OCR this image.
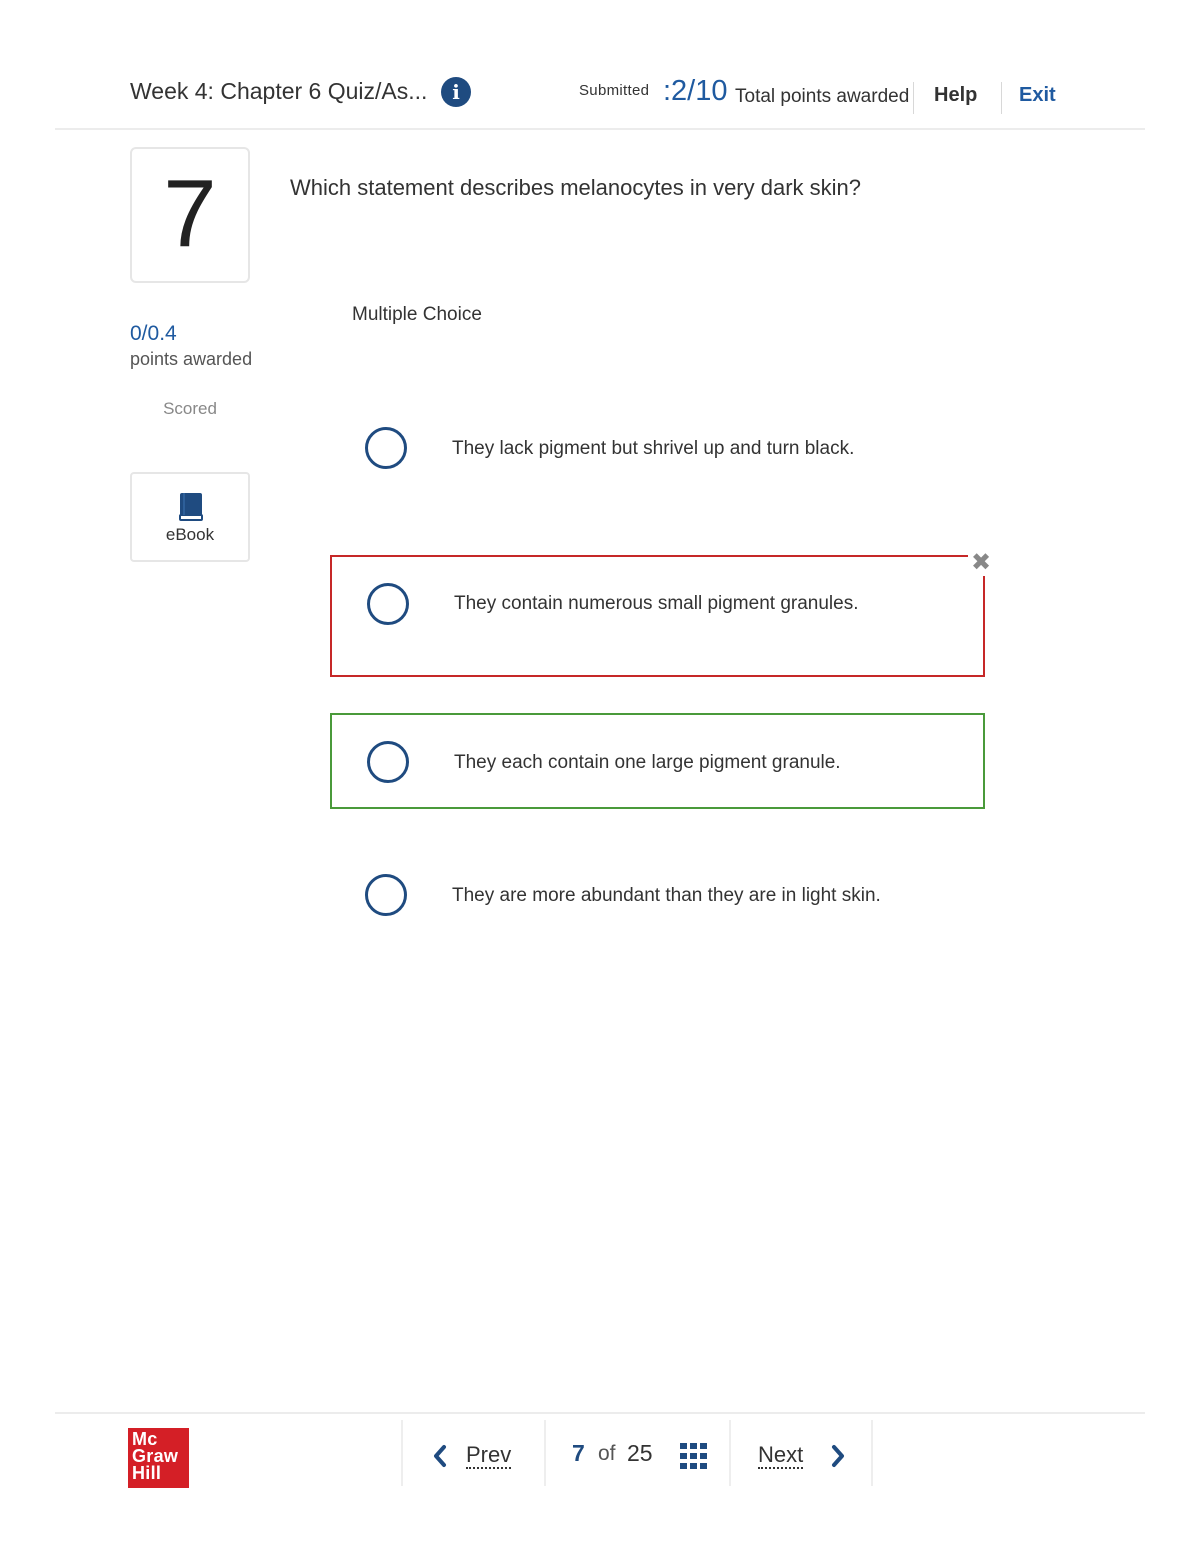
Week 4: Chapter 6 Quiz/As...	i	Submitted :2/10 Total points awarded Help Exit
7
0/0.4
points awarded
Scored
eBook
Which statement describes melanocytes in very dark skin?
Multiple Choice
They lack pigment but shrivel up and turn black.
They contain numerous small pigment granules.
✖
They each contain one large pigment granule.
They are more abundant than they are in light skin.
Mc
Graw
Hill
Prev	7 of 25	Next
